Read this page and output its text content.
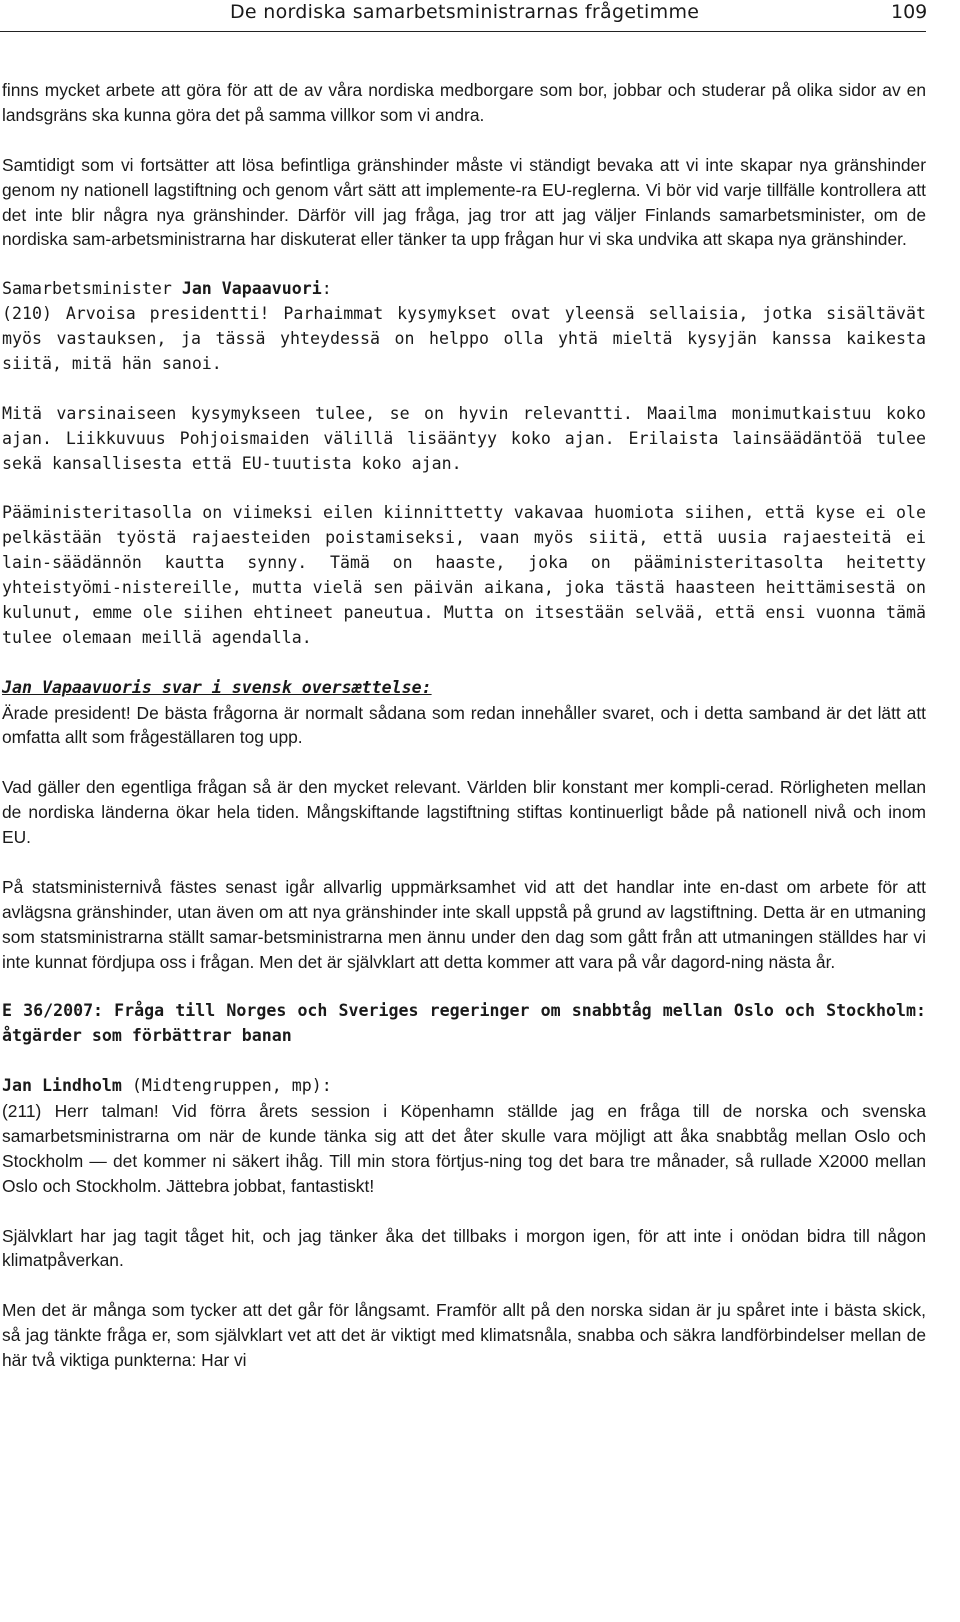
De nordiska samarbetsministrarnas frågetimme	109

finns mycket arbete att göra för att de av våra nordiska medborgare som bor, jobbar och studerar på olika sidor av en landsgräns ska kunna göra det på samma villkor som vi andra.

Samtidigt som vi fortsätter att lösa befintliga gränshinder måste vi ständigt bevaka att vi inte skapar nya gränshinder genom ny nationell lagstiftning och genom vårt sätt att implemente-ra EU-reglerna. Vi bör vid varje tillfälle kontrollera att det inte blir några nya gränshinder. Därför vill jag fråga, jag tror att jag väljer Finlands samarbetsminister, om de nordiska sam-arbetsministrarna har diskuterat eller tänker ta upp frågan hur vi ska undvika att skapa nya gränshinder.

Samarbetsminister Jan Vapaavuori:

(210) Arvoisa presidentti! Parhaimmat kysymykset ovat yleensä sellaisia, jotka sisältävät myös vastauksen, ja tässä yhteydessä on helppo olla yhtä mieltä kysyjän kanssa kaikesta siitä, mitä hän sanoi.

Mitä varsinaiseen kysymykseen tulee, se on hyvin relevantti. Maailma monimutkaistuu koko ajan. Liikkuvuus Pohjoismaiden välillä lisääntyy koko ajan. Erilaista lainsäädäntöä tulee sekä kansallisesta että EU-tuutista koko ajan.

Pääministeritasolla on viimeksi eilen kiinnittetty vakavaa huomiota siihen, että kyse ei ole pelkästään työstä rajaesteiden poistamiseksi, vaan myös siitä, että uusia rajaesteitä ei lain-säädännön kautta synny. Tämä on haaste, joka on pääministeritasolta heitetty yhteistyömi-nistereille, mutta vielä sen päivän aikana, joka tästä haasteen heittämisestä on kulunut, emme ole siihen ehtineet paneutua. Mutta on itsestään selvää, että ensi vuonna tämä tulee olemaan meillä agendalla.

Jan Vapaavuoris svar i svensk oversættelse:

Ärade president! De bästa frågorna är normalt sådana som redan innehåller svaret, och i detta samband är det lätt att omfatta allt som frågeställaren tog upp.

Vad gäller den egentliga frågan så är den mycket relevant. Världen blir konstant mer kompli-cerad. Rörligheten mellan de nordiska länderna ökar hela tiden. Mångskiftande lagstiftning stiftas kontinuerligt både på nationell nivå och inom EU.

På statsministernivå fästes senast igår allvarlig uppmärksamhet vid att det handlar inte en-dast om arbete för att avlägsna gränshinder, utan även om att nya gränshinder inte skall uppstå på grund av lagstiftning. Detta är en utmaning som statsministrarna ställt samar-betsministrarna men ännu under den dag som gått från att utmaningen ställdes har vi inte kunnat fördjupa oss i frågan. Men det är självklart att detta kommer att vara på vår dagord-ning nästa år.

E 36/2007: Fråga till Norges och Sveriges regeringer om snabbtåg mellan Oslo och Stockholm: åtgärder som förbättrar banan

Jan Lindholm (Midtengruppen, mp):

(211) Herr talman! Vid förra årets session i Köpenhamn ställde jag en fråga till de norska och svenska samarbetsministrarna om när de kunde tänka sig att det åter skulle vara möjligt att åka snabbtåg mellan Oslo och Stockholm — det kommer ni säkert ihåg. Till min stora förtjus-ning tog det bara tre månader, så rullade X2000 mellan Oslo och Stockholm. Jättebra jobbat, fantastiskt!

Självklart har jag tagit tåget hit, och jag tänker åka det tillbaks i morgon igen, för att inte i onödan bidra till någon klimatpåverkan.

Men det är många som tycker att det går för långsamt. Framför allt på den norska sidan är ju spåret inte i bästa skick, så jag tänkte fråga er, som självklart vet att det är viktigt med klimatsnåla, snabba och säkra landförbindelser mellan de här två viktiga punkterna: Har vi
